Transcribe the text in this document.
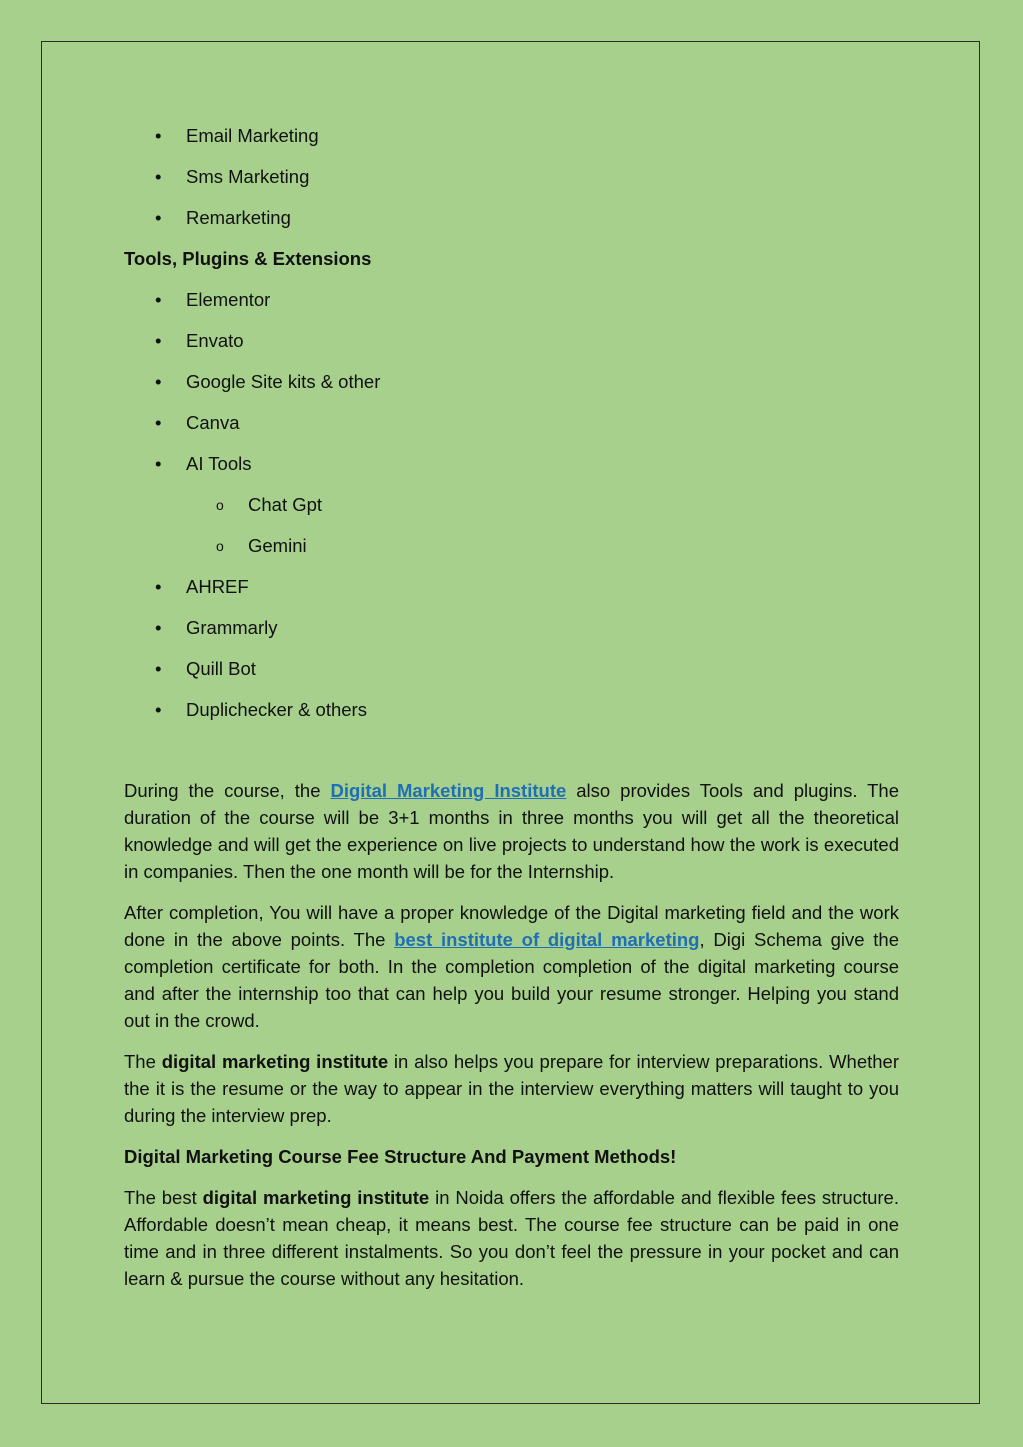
• Email Marketing
• Sms Marketing
• Remarketing
Tools, Plugins & Extensions
• Elementor
• Envato
• Google Site kits & other
• Canva
• AI Tools
o Chat Gpt
o Gemini
• AHREF
• Grammarly
• Quill Bot
• Duplichecker & others

During the course, the Digital Marketing Institute also provides Tools and plugins. The duration of the course will be 3+1 months in three months you will get all the theoretical knowledge and will get the experience on live projects to understand how the work is executed in companies. Then the one month will be for the Internship.

After completion, You will have a proper knowledge of the Digital marketing field and the work done in the above points. The best institute of digital marketing, Digi Schema give the completion certificate for both. In the completion completion of the digital marketing course and after the internship too that can help you build your resume stronger. Helping you stand out in the crowd.

The digital marketing institute in also helps you prepare for interview preparations. Whether the it is the resume or the way to appear in the interview everything matters will taught to you during the interview prep.

Digital Marketing Course Fee Structure And Payment Methods!

The best digital marketing institute in Noida offers the affordable and flexible fees structure. Affordable doesn’t mean cheap, it means best. The course fee structure can be paid in one time and in three different instalments. So you don’t feel the pressure in your pocket and can learn & pursue the course without any hesitation.
